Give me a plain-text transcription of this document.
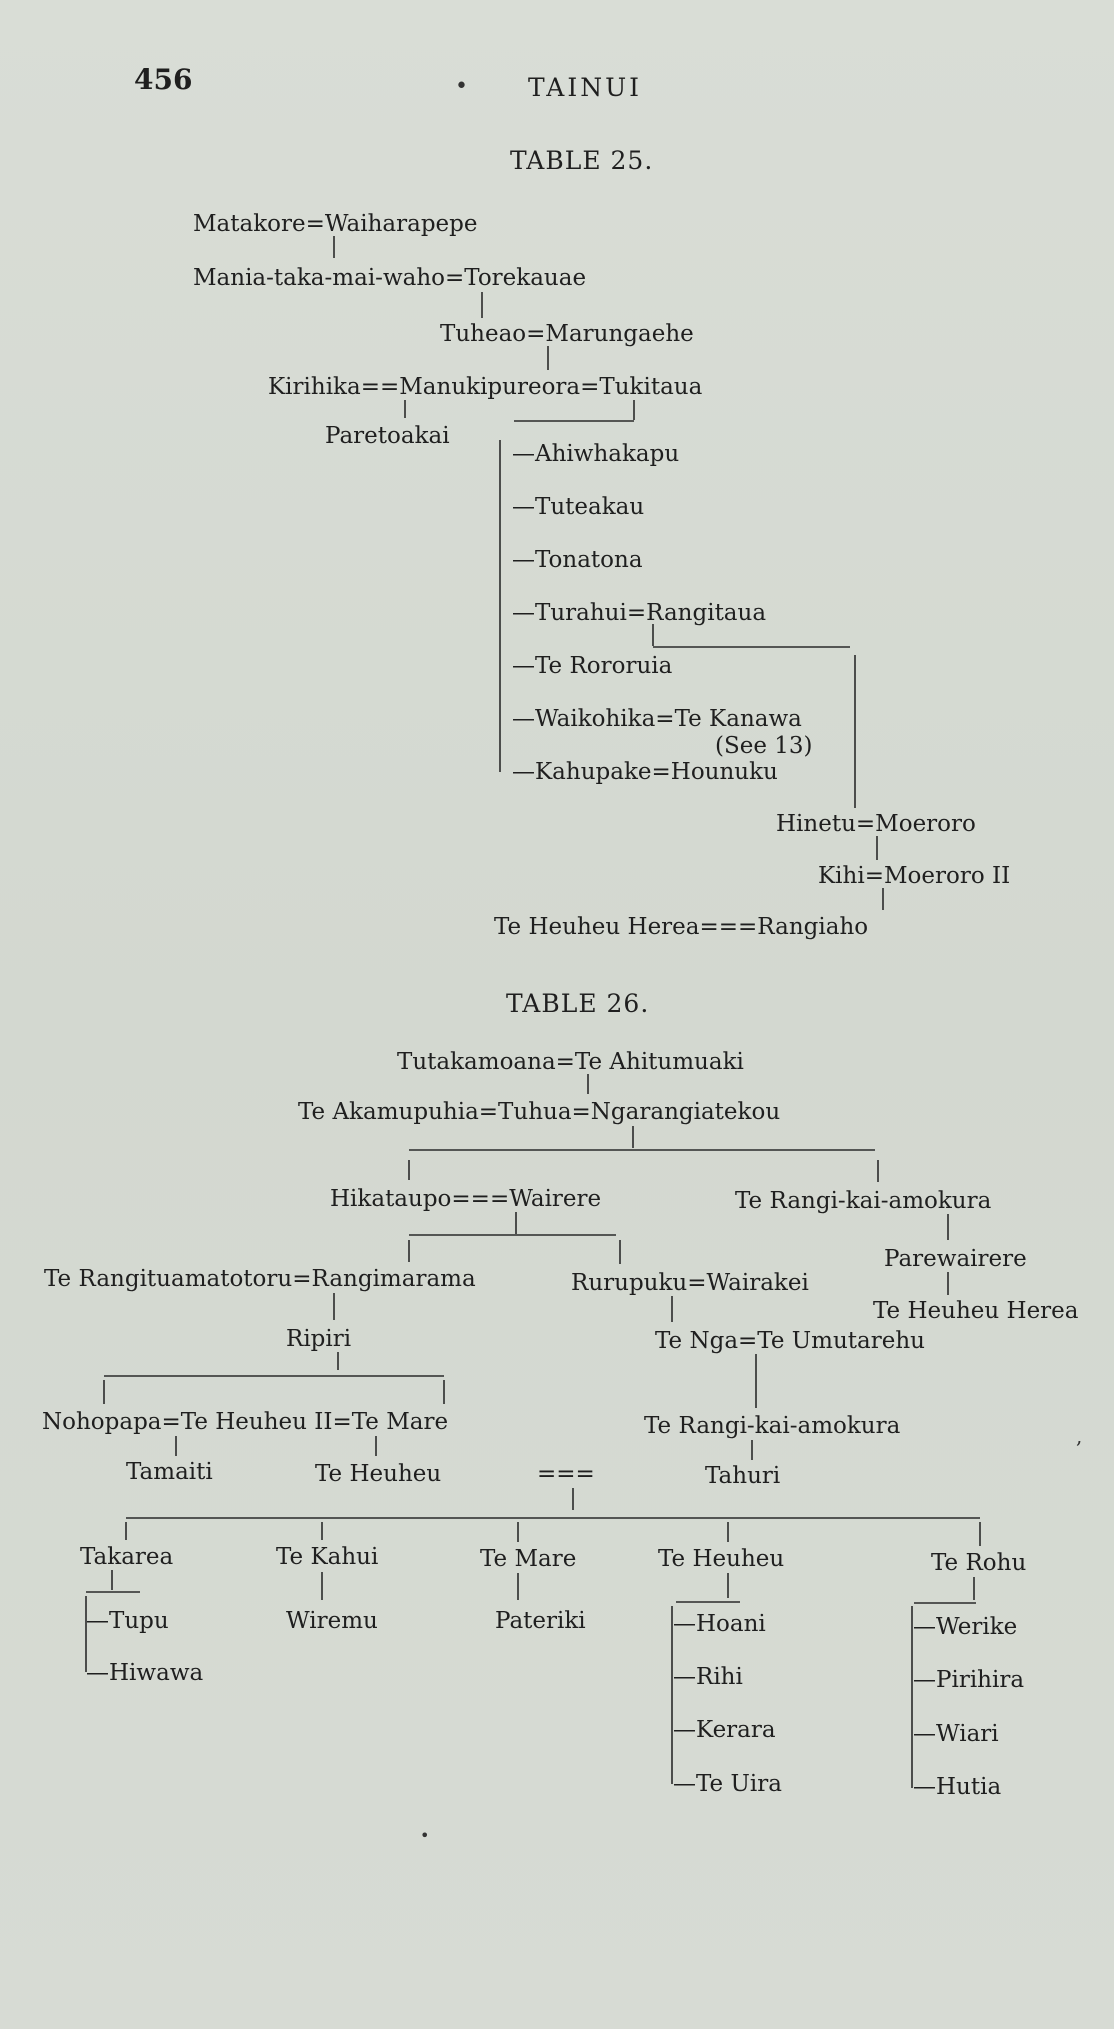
456	TAINUI
•
TABLE 25.
Matakore=Waiharapepe
Mania-taka-mai-waho=Torekauae
Tuheao=Marungaehe
Kirihika==Manukipureora=Tukitaua
Paretoakai
—Ahiwhakapu
—Tuteakau
—Tonatona
—Turahui=Rangitaua
—Te Rororuia
—Waikohika=Te Kanawa
(See 13)
—Kahupake=Hounuku
Hinetu=Moeroro
Kihi=Moeroro II
Te Heuheu Herea===Rangiaho
TABLE 26.
Tutakamoana=Te Ahitumuaki
Te Akamupuhia=Tuhua=Ngarangiatekou
Hikataupo===Wairere	Te Rangi-kai-amokura
Te Rangituamatotoru=Rangimarama	Rurupuku=Wairakei
Parewairere
Te Heuheu Herea
Ripiri	Te Nga=Te Umutarehu
Nohopapa=Te Heuheu II=Te Mare	Te Rangi-kai-amokura
Tamaiti	Te Heuheu	===	Tahuri
Takarea	Te Kahui	Te Mare	Te Heuheu	Te Rohu
—Tupu
—Hiwawa
Wiremu	Pateriki	—Hoani
—Rihi
—Kerara
—Te Uira
—Werike
—Pirihira
—Wiari
—Hutia
,
•
